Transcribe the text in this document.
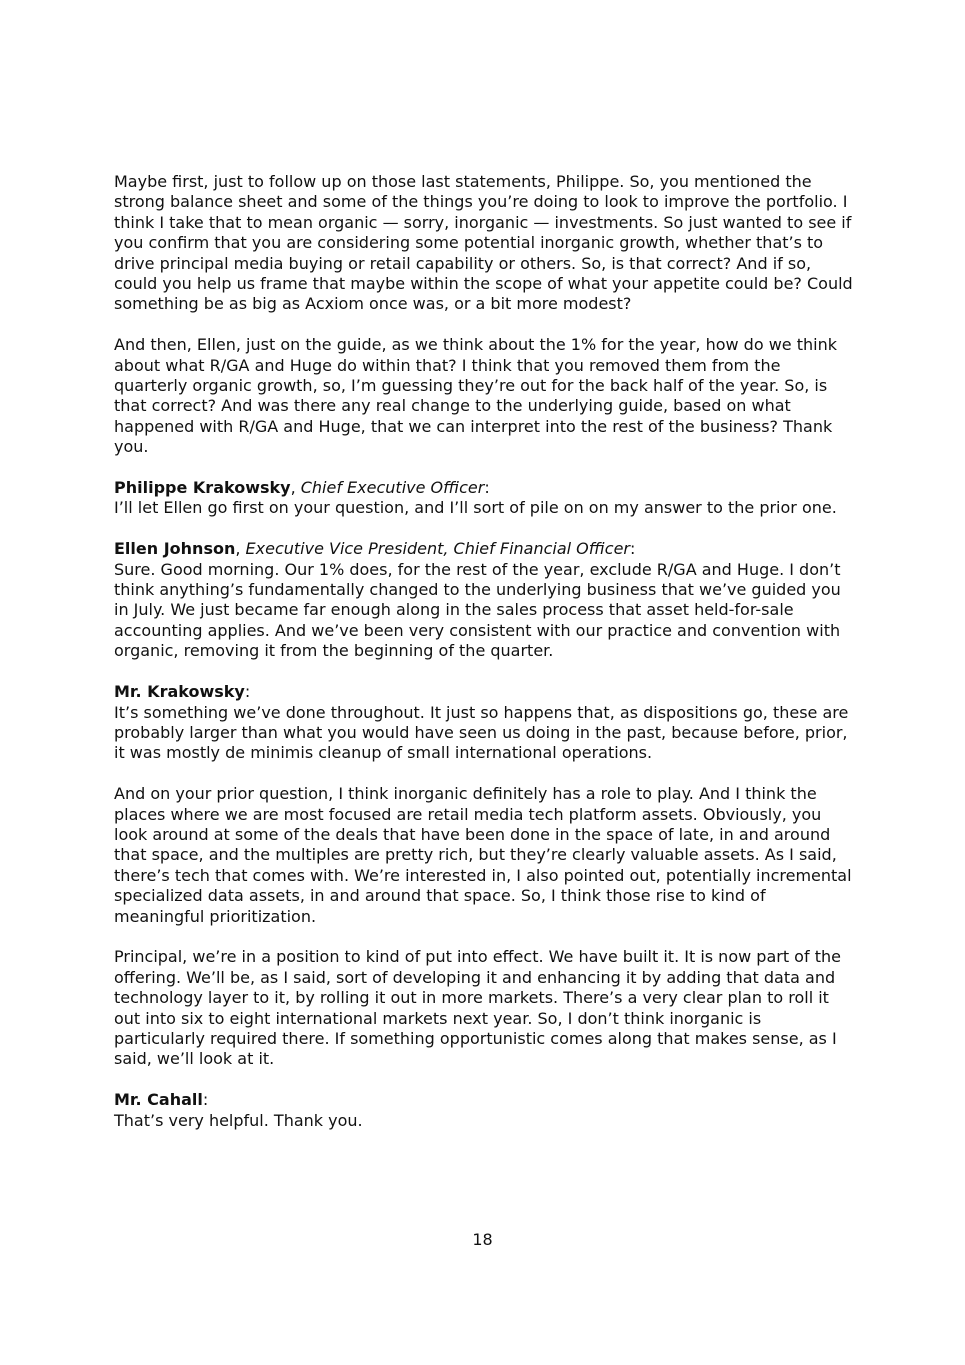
Maybe first, just to follow up on those last statements, Philippe. So, you mentioned the strong balance sheet and some of the things you’re doing to look to improve the portfolio. I think I take that to mean organic — sorry, inorganic — investments. So just wanted to see if you confirm that you are considering some potential inorganic growth, whether that’s to drive principal media buying or retail capability or others. So, is that correct? And if so, could you help us frame that maybe within the scope of what your appetite could be? Could something be as big as Acxiom once was, or a bit more modest?

And then, Ellen, just on the guide, as we think about the 1% for the year, how do we think about what R/GA and Huge do within that? I think that you removed them from the quarterly organic growth, so, I’m guessing they’re out for the back half of the year. So, is that correct? And was there any real change to the underlying guide, based on what happened with R/GA and Huge, that we can interpret into the rest of the business? Thank you.

Philippe Krakowsky, Chief Executive Officer:

I’ll let Ellen go first on your question, and I’ll sort of pile on on my answer to the prior one.

Ellen Johnson, Executive Vice President, Chief Financial Officer:

Sure. Good morning. Our 1% does, for the rest of the year, exclude R/GA and Huge. I don’t think anything’s fundamentally changed to the underlying business that we’ve guided you in July. We just became far enough along in the sales process that asset held-for-sale accounting applies. And we’ve been very consistent with our practice and convention with organic, removing it from the beginning of the quarter.

Mr. Krakowsky:

It’s something we’ve done throughout. It just so happens that, as dispositions go, these are probably larger than what you would have seen us doing in the past, because before, prior, it was mostly de minimis cleanup of small international operations.

And on your prior question, I think inorganic definitely has a role to play. And I think the places where we are most focused are retail media tech platform assets. Obviously, you look around at some of the deals that have been done in the space of late, in and around that space, and the multiples are pretty rich, but they’re clearly valuable assets. As I said, there’s tech that comes with. We’re interested in, I also pointed out, potentially incremental specialized data assets, in and around that space. So, I think those rise to kind of meaningful prioritization.

Principal, we’re in a position to kind of put into effect. We have built it. It is now part of the offering. We’ll be, as I said, sort of developing it and enhancing it by adding that data and technology layer to it, by rolling it out in more markets. There’s a very clear plan to roll it out into six to eight international markets next year. So, I don’t think inorganic is particularly required there. If something opportunistic comes along that makes sense, as I said, we’ll look at it.

Mr. Cahall:

That’s very helpful. Thank you.

18
